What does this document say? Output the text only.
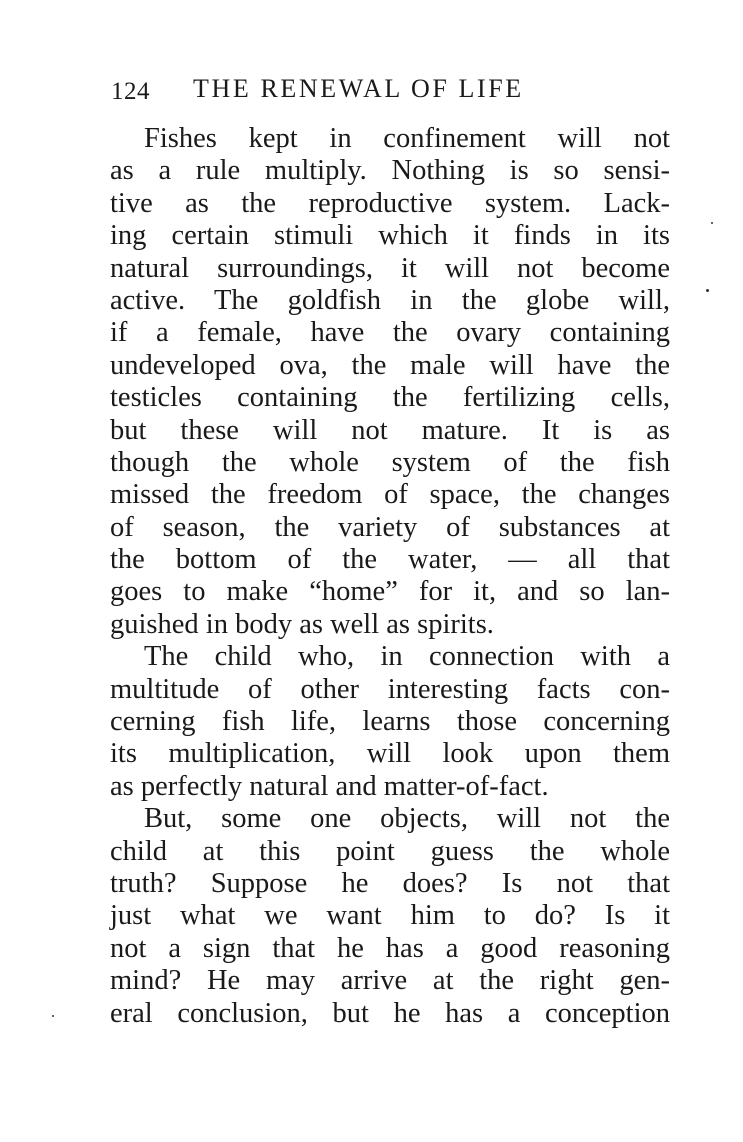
124 THE RENEWAL OF LIFE
Fishes kept in confinement will not
as a rule multiply. Nothing is so sensi-
tive as the reproductive system. Lack-
ing certain stimuli which it finds in its
natural surroundings, it will not become
active. The goldfish in the globe will,
if a female, have the ovary containing
undeveloped ova, the male will have the
testicles containing the fertilizing cells,
but these will not mature. It is as
though the whole system of the fish
missed the freedom of space, the changes
of season, the variety of substances at
the bottom of the water, — all that
goes to make “home” for it, and so lan-
guished in body as well as spirits.
The child who, in connection with a
multitude of other interesting facts con-
cerning fish life, learns those concerning
its multiplication, will look upon them
as perfectly natural and matter-of-fact.
But, some one objects, will not the
child at this point guess the whole
truth? Suppose he does? Is not that
just what we want him to do? Is it
not a sign that he has a good reasoning
mind? He may arrive at the right gen-
eral conclusion, but he has a conception
